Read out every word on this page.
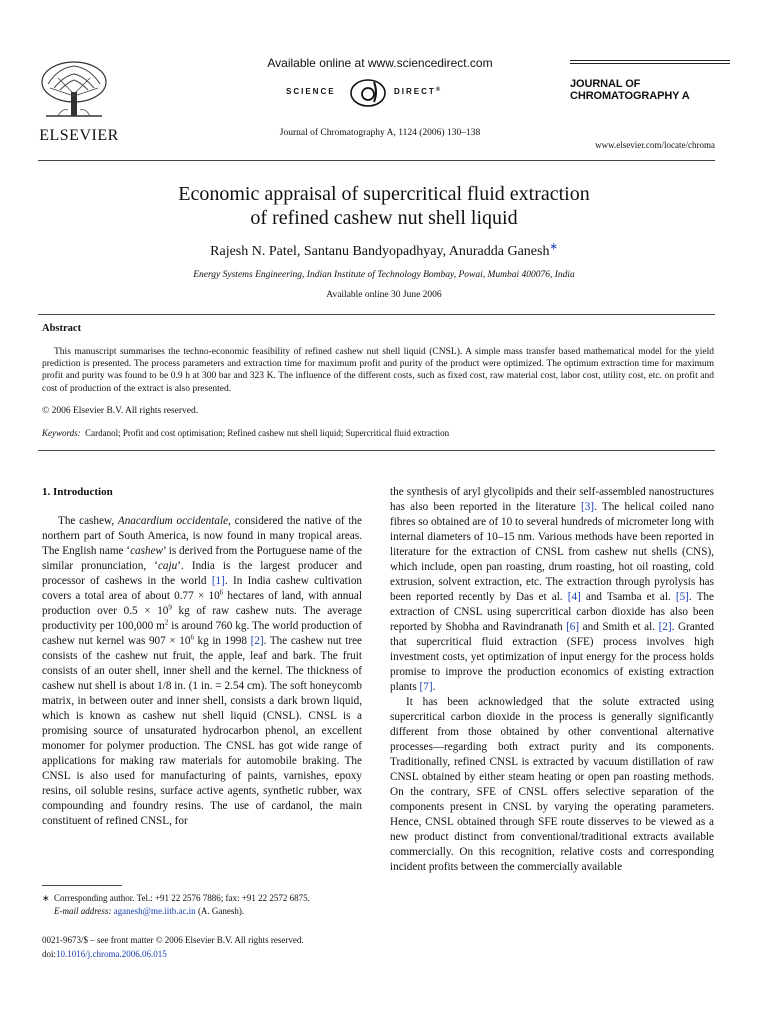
ELSEVIER
Available online at www.sciencedirect.com
SCIENCE	DIRECT®
Journal of Chromatography A, 1124 (2006) 130–138
JOURNAL OF
CHROMATOGRAPHY A
www.elsevier.com/locate/chroma
Economic appraisal of supercritical fluid extraction
of refined cashew nut shell liquid
Rajesh N. Patel, Santanu Bandyopadhyay, Anuradda Ganesh∗
Energy Systems Engineering, Indian Institute of Technology Bombay, Powai, Mumbai 400076, India
Available online 30 June 2006
Abstract
This manuscript summarises the techno-economic feasibility of refined cashew nut shell liquid (CNSL). A simple mass transfer based mathematical model for the yield prediction is presented. The process parameters and extraction time for maximum profit and purity of the product were optimized. The optimum extraction time for maximum profit and purity was found to be 0.9 h at 300 bar and 323 K. The influence of the different costs, such as fixed cost, raw material cost, labor cost, utility cost, etc. on profit and cost of production of the extract is also presented.
© 2006 Elsevier B.V. All rights reserved.
Keywords: Cardanol; Profit and cost optimisation; Refined cashew nut shell liquid; Supercritical fluid extraction
1. Introduction

The cashew, Anacardium occidentale, considered the native of the northern part of South America, is now found in many tropical areas. The English name ‘cashew’ is derived from the Portuguese name of the similar pronunciation, ‘caju’. India is the largest producer and processor of cashews in the world [1]. In India cashew cultivation covers a total area of about $0.77 \times 10^6$ hectares of land, with annual production over $0.5 \times 10^9$ kg of raw cashew nuts. The average productivity per 100,000 $m^2$ is around 760 kg. The world production of cashew nut kernel was $907 \times 10^6$ kg in 1998 [2]. The cashew nut tree consists of the cashew nut fruit, the apple, leaf and bark. The fruit consists of an outer shell, inner shell and the kernel. The thickness of cashew nut shell is about 1/8 in. (1 in. = 2.54 cm). The soft honeycomb matrix, in between outer and inner shell, consists a dark brown liquid, which is known as cashew nut shell liquid (CNSL). CNSL is a promising source of unsaturated hydrocarbon phenol, an excellent monomer for polymer production. The CNSL has got wide range of applications for making raw materials for automobile braking. The CNSL is also used for manufacturing of paints, varnishes, epoxy resins, oil soluble resins, surface active agents, synthetic rubber, wax compounding and foundry resins. The use of cardanol, the main constituent of refined CNSL, for

the synthesis of aryl glycolipids and their self-assembled nanostructures has also been reported in the literature [3]. The helical coiled nano fibres so obtained are of 10 to several hundreds of micrometer long with internal diameters of 10–15 nm. Various methods have been reported in literature for the extraction of CNSL from cashew nut shells (CNS), which include, open pan roasting, drum roasting, hot oil roasting, cold extrusion, solvent extraction, etc. The extraction through pyrolysis has been reported recently by Das et al. [4] and Tsamba et al. [5]. The extraction of CNSL using supercritical carbon dioxide has also been reported by Shobha and Ravindranath [6] and Smith et al. [2]. Granted that supercritical fluid extraction (SFE) process involves high investment costs, yet optimization of input energy for the process holds promise to improve the production economics of existing extraction plants [7].

It has been acknowledged that the solute extracted using supercritical carbon dioxide in the process is generally significantly different from those obtained by other conventional alternative processes—regarding both extract purity and its components. Traditionally, refined CNSL is extracted by vacuum distillation of raw CNSL obtained by either steam heating or open pan roasting methods. On the contrary, SFE of CNSL offers selective separation of the components present in CNSL by varying the operating parameters. Hence, CNSL obtained through SFE route disserves to be viewed as a new product distinct from conventional/traditional extracts available commercially. On this recognition, relative costs and corresponding incident profits between the commercially available

∗ Corresponding author. Tel.: +91 22 2576 7886; fax: +91 22 2572 6875.
E-mail address: aganesh@me.iitb.ac.in (A. Ganesh).
0021-9673/$ – see front matter © 2006 Elsevier B.V. All rights reserved.
doi:10.1016/j.chroma.2006.06.015
